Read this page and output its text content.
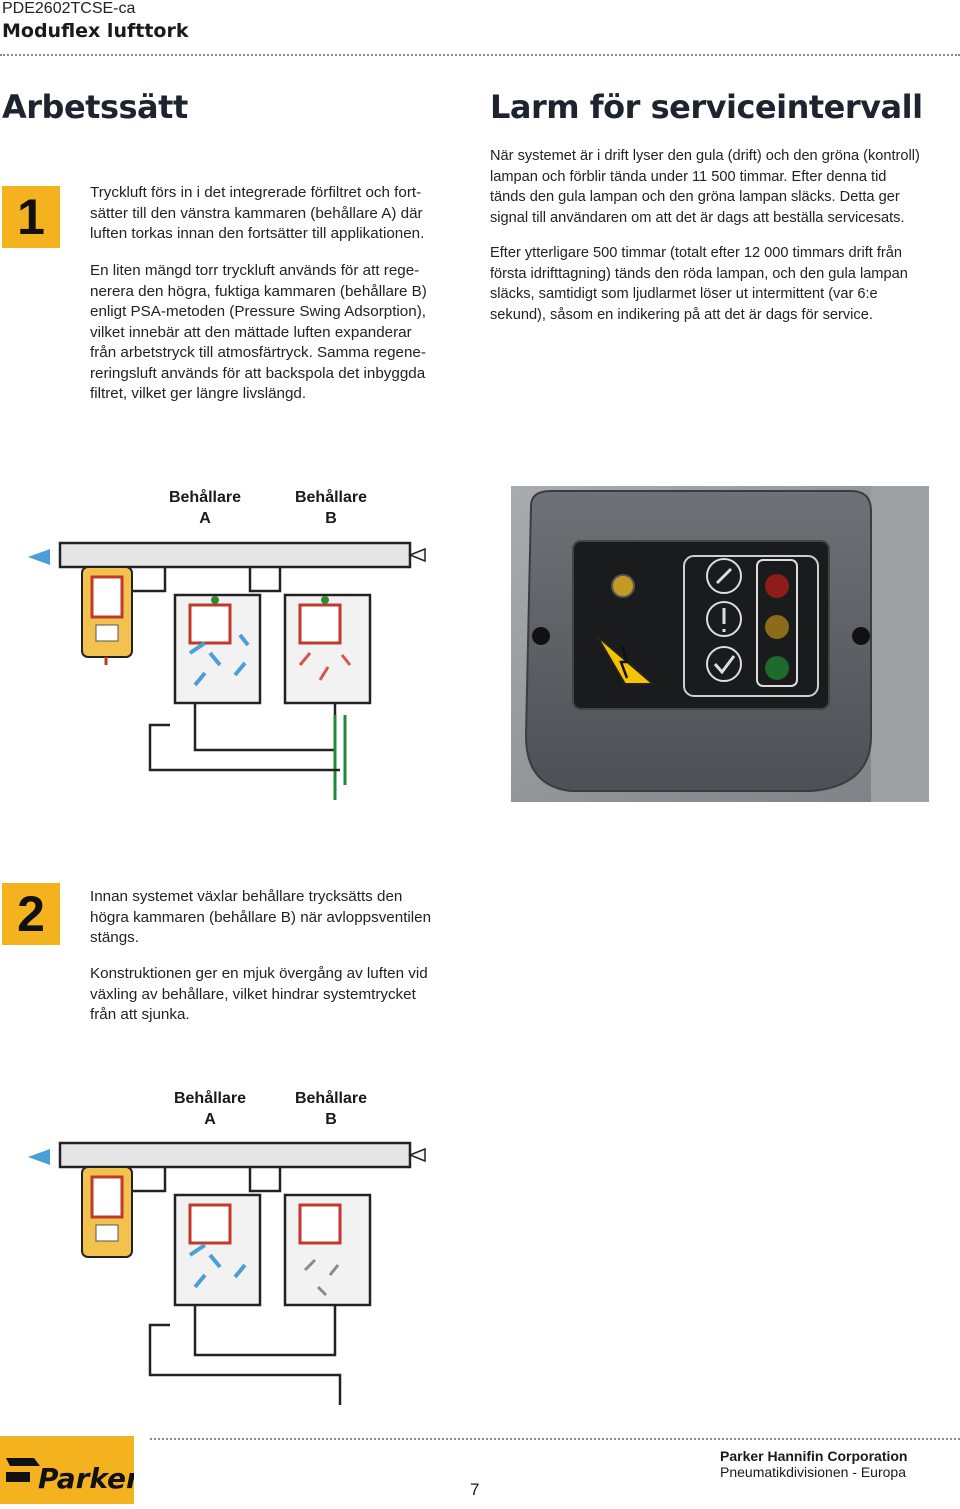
PDE2602TCSE-ca
Moduflex lufttork
Arbetssätt
1	Tryckluft förs in i det integrerade förfiltret och fort-

sätter till den vänstra kammaren (behållare A) där

luften torkas innan den fortsätter till applikationen.

En liten mängd torr tryckluft används för att rege-

nerera den högra, fuktiga kammaren (behållare B)

enligt PSA-metoden (Pressure Swing Adsorption),

vilket innebär att den mättade luften expanderar

från arbetstryck till atmosfärtryck. Samma regene-

reringsluft används för att backspola det inbyggda

filtret, vilket ger längre livslängd.

Larm för serviceintervall

När systemet är i drift lyser den gula (drift) och den gröna (kontroll)

lampan och förblir tända under 11 500 timmar. Efter denna tid

tänds den gula lampan och den gröna lampan släcks. Detta ger

signal till användaren om att det är dags att beställa servicesats.

Efter ytterligare 500 timmar (totalt efter 12 000 timmars drift från

första idrifttagning) tänds den röda lampan, och den gula lampan

släcks, samtidigt som ljudlarmet löser ut intermittent (var 6:e

sekund), såsom en indikering på att det är dags för service.

Behållare
A
Behållare
B
2	Innan systemet växlar behållare trycksätts den

högra kammaren (behållare B) när avloppsventilen

stängs.

Konstruktionen ger en mjuk övergång av luften vid

växling av behållare, vilket hindrar systemtrycket

från att sjunka.

Behållare
A
Behållare
B
Parker	7
Parker Hannifin Corporation
Pneumatikdivisionen - Europa
